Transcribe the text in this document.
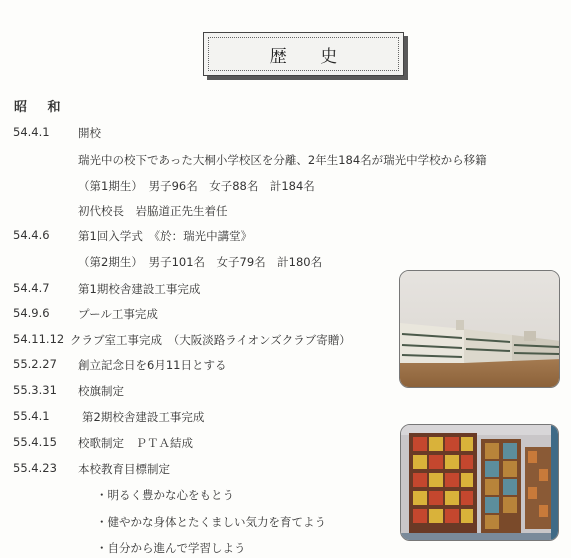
歴 史
昭 和
54.4.1 開校
瑞光中の校下であった大桐小学校区を分離、2年生184名が瑞光中学校から移籍
（第1期生）　男子96名　女子88名　計184名
初代校長　岩脇道正先生着任
54.4.6 第1回入学式　《於：瑞光中講堂》
（第2期生）　男子101名　女子79名　計180名
54.4.7 第1期校舎建設工事完成
54.9.6 プール工事完成
54.11.12 クラブ室工事完成　（大阪淡路ライオンズクラブ寄贈）
55.2.27 創立記念日を6月11日とする
55.3.31 校旗制定
55.4.1	第2期校舎建設工事完成
55.4.15 校歌制定　ＰＴＡ結成
55.4.23 本校教育目標制定
・明るく豊かな心をもとう
・健やかな身体とたくましい気力を育てよう
・自分から進んで学習しよう
